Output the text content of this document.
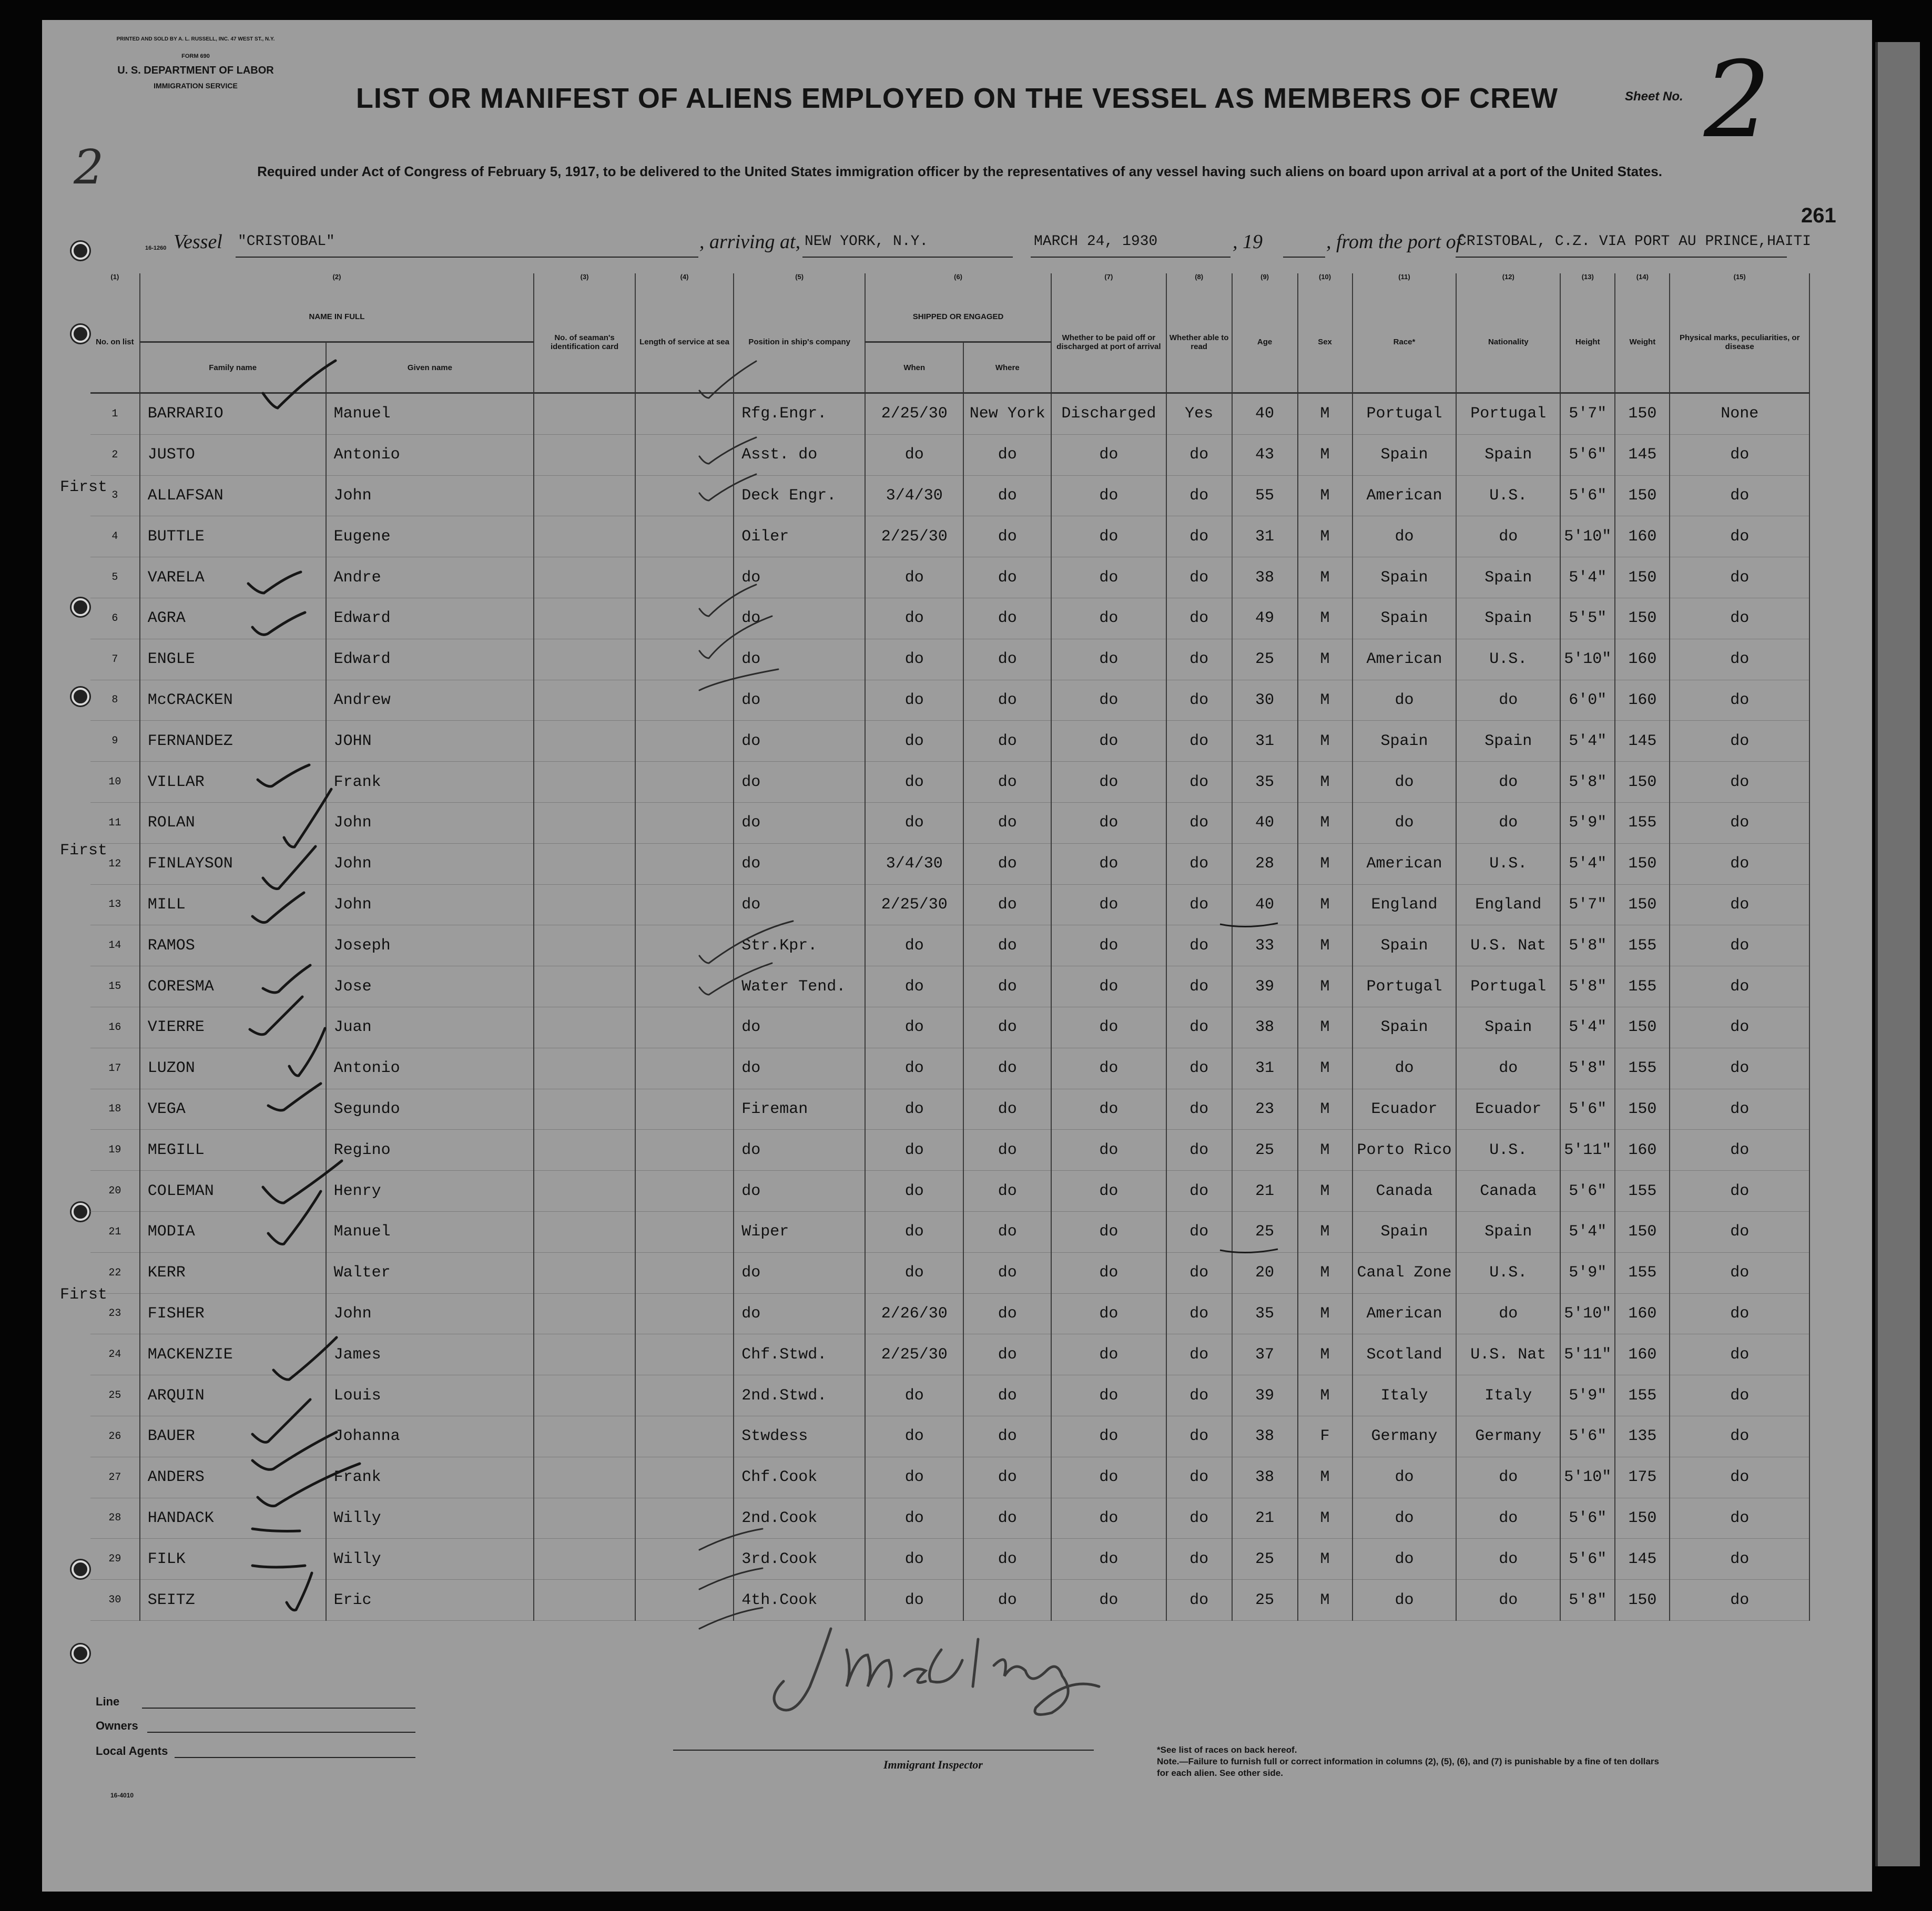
PRINTED AND SOLD BY A. L. RUSSELL, INC. 47 WEST ST., N.Y.
FORM 690
U. S. DEPARTMENT OF LABOR
IMMIGRATION SERVICE	LIST OR MANIFEST OF ALIENS EMPLOYED ON THE VESSEL AS MEMBERS OF CREW
Required under Act of Congress of February 5, 1917, to be delivered to the United States immigration officer by the representatives of any vessel having such aliens on board upon arrival at a port of the United States.
Sheet No. 2
2
261
16-1260 Vessel "CRISTOBAL"	, arriving at, NEW YORK, N.Y.	MARCH 24, 1930	, 19	, from the port of
CRISTOBAL, C.Z. VIA PORT AU PRINCE,HAITI
(1)	(2)		(3)	(4)	(5)	(6)		(7)	(8)	(9)	(10)	(11)	(12)	(13)	(14)	(15)
No. on list	NAME IN FULL		No. of seaman's identification card	Length of service at sea	Position in ship's company	SHIPPED OR ENGAGED		Whether to be paid off or discharged at port of arrival	Whether able to read	Age	Sex	Race*	Nationality	Height	Weight	Physical marks, peculiarities, or disease
	Family name	Given name				When	Where									
1	BARRARIO	Manuel			Rfg.Engr.	2/25/30	New York	Discharged	Yes	40	M	Portugal	Portugal	5'7"	150	None
2	JUSTO	Antonio			Asst. do	do	do	do	do	43	M	Spain	Spain	5'6"	145	do
3	ALLAFSAN	John			Deck Engr.	3/4/30	do	do	do	55	M	American	U.S.	5'6"	150	do
4	BUTTLE	Eugene			Oiler	2/25/30	do	do	do	31	M	do	do	5'10"	160	do
5	VARELA	Andre			do	do	do	do	do	38	M	Spain	Spain	5'4"	150	do
6	AGRA	Edward			do	do	do	do	do	49	M	Spain	Spain	5'5"	150	do
7	ENGLE	Edward			do	do	do	do	do	25	M	American	U.S.	5'10"	160	do
8	McCRACKEN	Andrew			do	do	do	do	do	30	M	do	do	6'0"	160	do
9	FERNANDEZ	JOHN			do	do	do	do	do	31	M	Spain	Spain	5'4"	145	do
10	VILLAR	Frank			do	do	do	do	do	35	M	do	do	5'8"	150	do
11	ROLAN	John			do	do	do	do	do	40	M	do	do	5'9"	155	do
12	FINLAYSON	John			do	3/4/30	do	do	do	28	M	American	U.S.	5'4"	150	do
13	MILL	John			do	2/25/30	do	do	do	40	M	England	England	5'7"	150	do
14	RAMOS	Joseph			Str.Kpr.	do	do	do	do	33	M	Spain	U.S. Nat	5'8"	155	do
15	CORESMA	Jose			Water Tend.	do	do	do	do	39	M	Portugal	Portugal	5'8"	155	do
16	VIERRE	Juan			do	do	do	do	do	38	M	Spain	Spain	5'4"	150	do
17	LUZON	Antonio			do	do	do	do	do	31	M	do	do	5'8"	155	do
18	VEGA	Segundo			Fireman	do	do	do	do	23	M	Ecuador	Ecuador	5'6"	150	do
19	MEGILL	Regino			do	do	do	do	do	25	M	Porto Rico	U.S.	5'11"	160	do
20	COLEMAN	Henry			do	do	do	do	do	21	M	Canada	Canada	5'6"	155	do
21	MODIA	Manuel			Wiper	do	do	do	do	25	M	Spain	Spain	5'4"	150	do
22	KERR	Walter			do	do	do	do	do	20	M	Canal Zone	U.S.	5'9"	155	do
23	FISHER	John			do	2/26/30	do	do	do	35	M	American	do	5'10"	160	do
24	MACKENZIE	James			Chf.Stwd.	2/25/30	do	do	do	37	M	Scotland	U.S. Nat	5'11"	160	do
25	ARQUIN	Louis			2nd.Stwd.	do	do	do	do	39	M	Italy	Italy	5'9"	155	do
26	BAUER	Johanna			Stwdess	do	do	do	do	38	F	Germany	Germany	5'6"	135	do
27	ANDERS	Frank			Chf.Cook	do	do	do	do	38	M	do	do	5'10"	175	do
28	HANDACK	Willy			2nd.Cook	do	do	do	do	21	M	do	do	5'6"	150	do
29	FILK	Willy			3rd.Cook	do	do	do	do	25	M	do	do	5'6"	145	do
30	SEITZ	Eric			4th.Cook	do	do	do	do	25	M	do	do	5'8"	150	do
First
First
First
Line
Owners
Local Agents
Immigrant Inspector
*See list of races on back hereof.
Note.—Failure to furnish full or correct information in columns (2), (5), (6), and (7) is punishable by a fine of ten dollars for each alien. See other side.
16-4010
